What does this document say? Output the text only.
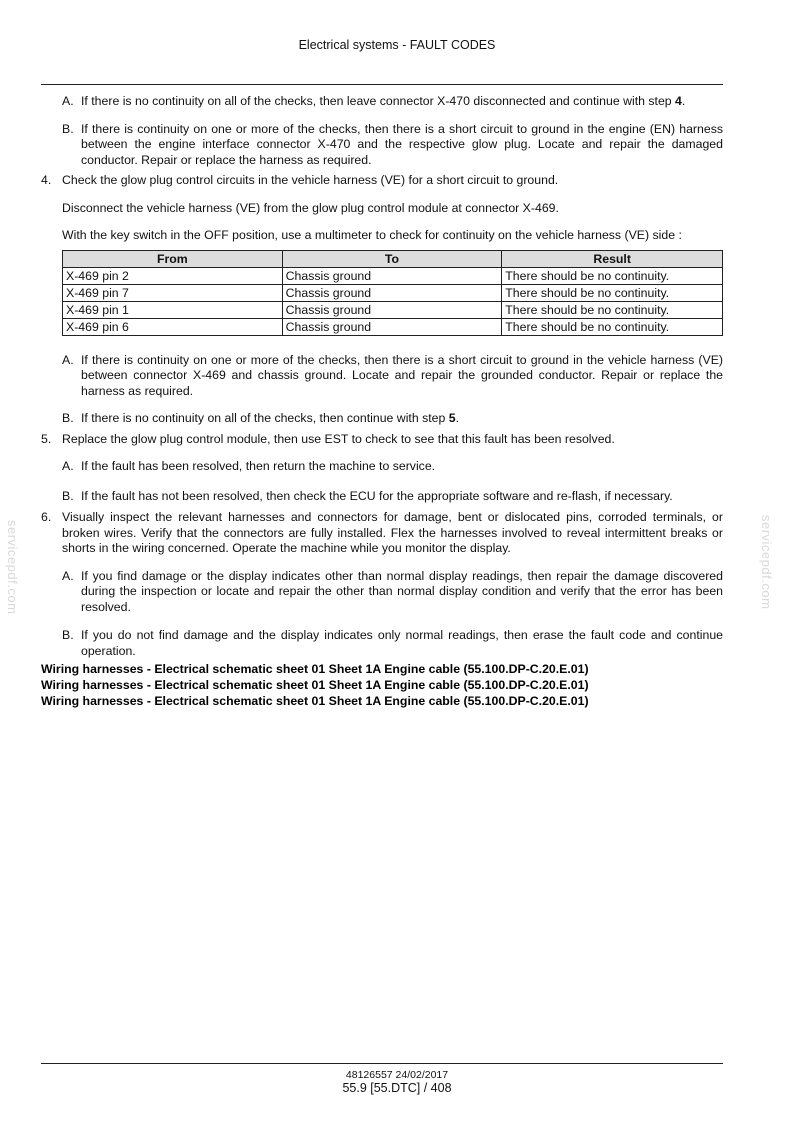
Electrical systems - FAULT CODES
servicepdf.com	servicepdf.com
A. If there is no continuity on all of the checks, then leave connector X-470 disconnected and continue with step 4.
B. If there is continuity on one or more of the checks, then there is a short circuit to ground in the engine (EN) harness between the engine interface connector X-470 and the respective glow plug. Locate and repair the damaged conductor. Repair or replace the harness as required.
4. Check the glow plug control circuits in the vehicle harness (VE) for a short circuit to ground.
Disconnect the vehicle harness (VE) from the glow plug control module at connector X-469.
With the key switch in the OFF position, use a multimeter to check for continuity on the vehicle harness (VE) side :
From	To	Result
X-469 pin 2	Chassis ground	There should be no continuity.
X-469 pin 7	Chassis ground	There should be no continuity.
X-469 pin 1	Chassis ground	There should be no continuity.
X-469 pin 6	Chassis ground	There should be no continuity.
A. If there is continuity on one or more of the checks, then there is a short circuit to ground in the vehicle harness (VE) between connector X-469 and chassis ground. Locate and repair the grounded conductor. Repair or replace the harness as required.
B. If there is no continuity on all of the checks, then continue with step 5.
5. Replace the glow plug control module, then use EST to check to see that this fault has been resolved.
A. If the fault has been resolved, then return the machine to service.
B. If the fault has not been resolved, then check the ECU for the appropriate software and re-flash, if necessary.
6. Visually inspect the relevant harnesses and connectors for damage, bent or dislocated pins, corroded terminals, or broken wires. Verify that the connectors are fully installed. Flex the harnesses involved to reveal intermittent breaks or shorts in the wiring concerned. Operate the machine while you monitor the display.
A. If you find damage or the display indicates other than normal display readings, then repair the damage discovered during the inspection or locate and repair the other than normal display condition and verify that the error has been resolved.
B. If you do not find damage and the display indicates only normal readings, then erase the fault code and continue operation.
Wiring harnesses - Electrical schematic sheet 01 Sheet 1A Engine cable (55.100.DP-C.20.E.01)
Wiring harnesses - Electrical schematic sheet 01 Sheet 1A Engine cable (55.100.DP-C.20.E.01)
Wiring harnesses - Electrical schematic sheet 01 Sheet 1A Engine cable (55.100.DP-C.20.E.01)
48126557 24/02/2017
55.9 [55.DTC] / 408
